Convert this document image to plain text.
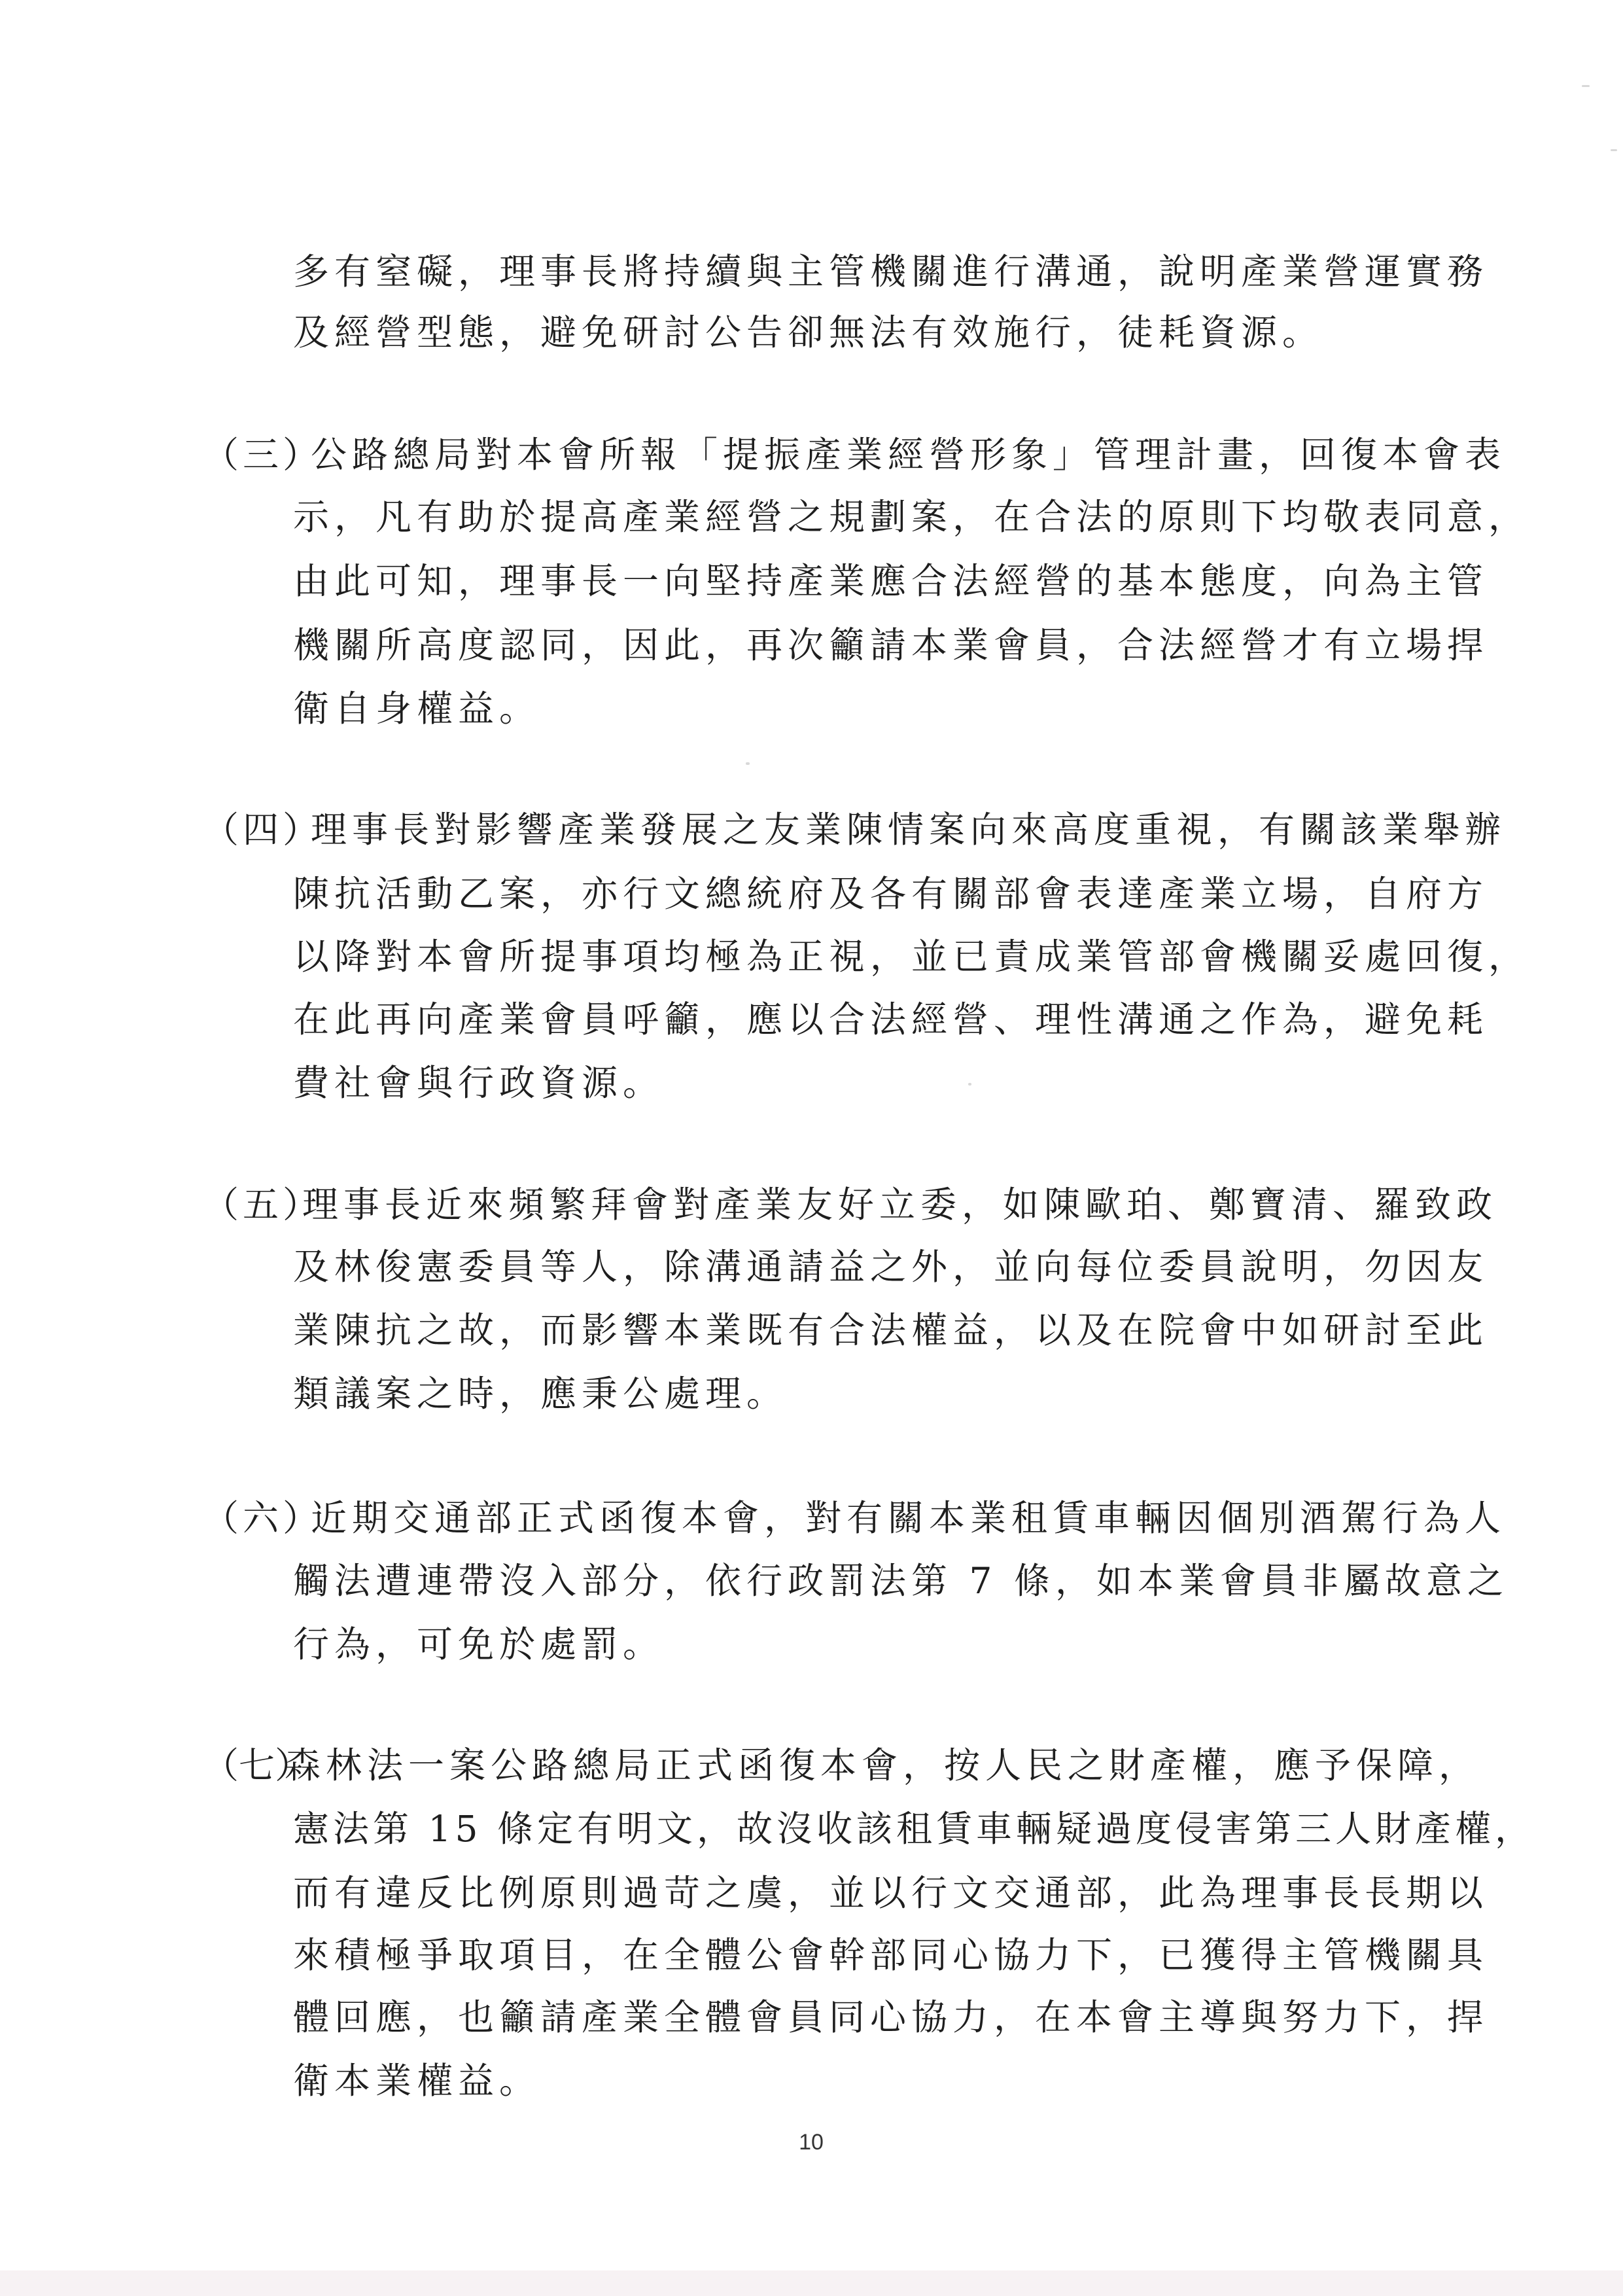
多有窒礙，理事長將持續與主管機關進行溝通，說明產業營運實務
及經營型態，避免研討公告卻無法有效施行，徒耗資源。
（三）
公路總局對本會所報「提振產業經營形象」管理計畫，回復本會表
示，凡有助於提高產業經營之規劃案，在合法的原則下均敬表同意，
由此可知，理事長一向堅持產業應合法經營的基本態度，向為主管
機關所高度認同，因此，再次籲請本業會員，合法經營才有立場捍
衛自身權益。
（四）
理事長對影響產業發展之友業陳情案向來高度重視，有關該業舉辦
陳抗活動乙案，亦行文總統府及各有關部會表達產業立場，自府方
以降對本會所提事項均極為正視，並已責成業管部會機關妥處回復，
在此再向產業會員呼籲，應以合法經營、理性溝通之作為，避免耗
費社會與行政資源。
（五）
理事長近來頻繁拜會對產業友好立委，如陳歐珀、鄭寶清、羅致政
及林俊憲委員等人，除溝通請益之外，並向每位委員說明，勿因友
業陳抗之故，而影響本業既有合法權益，以及在院會中如研討至此
類議案之時，應秉公處理。
（六）
近期交通部正式函復本會，對有關本業租賃車輛因個別酒駕行為人
觸法遭連帶沒入部分，依行政罰法第 7 條，如本業會員非屬故意之
行為，可免於處罰。
（七）
森林法一案公路總局正式函復本會，按人民之財產權，應予保障，
憲法第 15 條定有明文，故沒收該租賃車輛疑過度侵害第三人財產權，
而有違反比例原則過苛之虞，並以行文交通部，此為理事長長期以
來積極爭取項目，在全體公會幹部同心協力下，已獲得主管機關具
體回應，也籲請產業全體會員同心協力，在本會主導與努力下，捍
衛本業權益。
10
